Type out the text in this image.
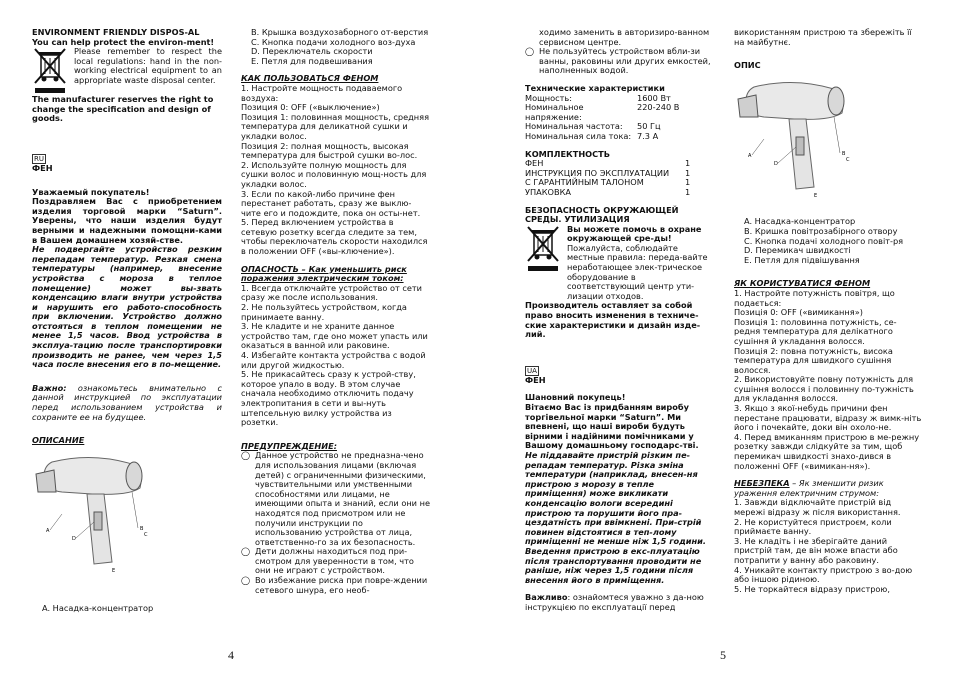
ENVIRONMENT FRIENDLY DISPOS-AL

You can help protect the environ-ment!

Please remember to respect the local regulations: hand in the non-working electrical equipment to an appropriate waste disposal center.

The manufacturer reserves the right to change the specification and design of goods.

RU

ФЕН

Уважаемый покупатель!

Поздравляем Вас с приобретением изделия торговой марки “Saturn”. Уверены, что наши изделия будут верными и надежными помощни-ками в Вашем домашнем хозяй-стве.

Не подвергайте устройство резким перепадам температур. Резкая смена температуры (например, внесение устройства с мороза в теплое помещение) может вы-звать конденсацию влаги внутри устройства и нарушить его работо-способность при включении. Устройство должно отстояться в теплом помещении не менее 1,5 часов. Ввод устройства в эксплуа-тацию после транспортировки производить не ранее, чем через 1,5 часа после внесения его в по-мещение.

Важно: ознакомьтесь внимательно с данной инструкцией по эксплуатации перед использованием устройства и сохраните ее на будущее.

ОПИСАНИЕ

A	B
C
D
E

A. Насадка-концентратор

B. Крышка воздухозаборного от-верстия

C. Кнопка подачи холодного воз-духа

D. Переключатель скорости

E. Петля для подвешивания

КАК ПОЛЬЗОВАТЬСЯ ФЕНОМ

1. Настройте мощность подаваемого воздуха:

Позиция 0: OFF («выключение»)

Позиция 1: половинная мощность, средняя температура для деликатной сушки и укладки волос.

Позиция 2: полная мощность, высокая температура для быстрой сушки во-лос.

2. Используйте полную мощность для сушки волос и половинную мощ-ность для укладки волос.

3. Если по какой-либо причине фен перестанет работать, сразу же выклю-чите его и подождите, пока он осты-нет.

5. Перед включением устройства в сетевую розетку всегда следите за тем, чтобы переключатель скорости находился в положении OFF («вы-ключение»).

ОПАСНОСТЬ – Как уменьшить риск поражения электрическим током:

1. Всегда отключайте устройство от сети сразу же после использования.

2. Не пользуйтесь устройством, когда принимаете ванну.

3. Не кладите и не храните данное устройство там, где оно может упасть или оказаться в ванной или раковине.

4. Избегайте контакта устройства с водой или другой жидкостью.

5. Не прикасайтесь сразу к устрой-ству, которое упало в воду. В этом случае сначала необходимо отключить подачу электропитания в сети и вы-нуть штепсельную вилку устройства из розетки.

ПРЕДУПРЕЖДЕНИЕ:

◯ Данное устройство не предназна-чено для использования лицами (включая детей) с ограниченными физическими, чувствительными или умственными способностями или лицами, не имеющими опыта и знаний, если они не находятся под присмотром или не получили инструкции по использованию устройства от лица, ответственно-го за их безопасность.

◯ Дети должны находиться под при-смотром для уверенности в том, что они не играют с устройством.

◯ Во избежание риска при повре-ждении сетевого шнура, его необ-

4

ходимо заменить в авторизиро-ванном сервисном центре.

◯ Не пользуйтесь устройством вбли-зи ванны, раковины или других емкостей, наполненных водой.

Технические характеристики

Мощность:	1600 Вт
Номинальное напряжение:	220-240 В
Номинальная частота:	50 Гц
Номинальная сила тока:	7.3 А

КОМПЛЕКТНОСТЬ

ФЕН	1
ИНСТРУКЦИЯ ПО ЭКСПЛУАТАЦИИ	1
С ГАРАНТИЙНЫМ ТАЛОНОМ	1
УПАКОВКА	1

БЕЗОПАСНОСТЬ ОКРУЖАЮЩЕЙ СРЕДЫ. УТИЛИЗАЦИЯ

Вы можете помочь в охране окружающей сре-ды!

Пожалуйста, соблюдайте местные правила: переда-вайте неработающее элек-трическое оборудование в соответствующий центр ути-лизации отходов.

Производитель оставляет за собой право вносить изменения в техниче-ские характеристики и дизайн изде-лий.

UA

ФЕН

Шановний покупець!

Вітаємо Вас із придбанням виробу торгівельної марки “Saturn”. Ми впевнені, що наші вироби будуть вірними і надійними помічниками у Вашому домашньому господарс-тві.

Не піддавайте пристрій різким пе-репадам температур. Різка зміна температури (наприклад, внесен-ня пристрою з морозу в тепле приміщення) може викликати конденсацію вологи всередині пристрою та порушити його пра-цездатність при ввімкнені. При-стрій повинен відстоятися в теп-лому приміщенні не менше ніж 1,5 години. Введення пристрою в екс-плуатацію після транспортування проводити не раніше, ніж через 1,5 години після внесення його в приміщення.

Важливо: ознайомтеся уважно з да-ною інструкцією по експлуатації перед

5

використанням пристрою та збережіть її на майбутнє.

ОПИС

A	B
C
D
E

A. Насадка-концентратор

B. Кришка повітрозабірного отвору

C. Кнопка подачі холодного повіт-ря

D. Перемикач швидкості

E. Петля для підвішування

ЯК КОРИСТУВАТИСЯ ФЕНОМ

1. Настройте потужність повітря, що подається:

Позиція 0: OFF («вимикання»)

Позиція 1: половинна потужність, се-редня температура для делікатного сушіння й укладання волосся.

Позиція 2: повна потужність, висока температура для швидкого сушіння волосся.

2. Використовуйте повну потужність для сушіння волосся і половинну по-тужність для укладання волосся.

3. Якщо з якої-небудь причини фен перестане працювати, відразу ж вимк-ніть його і почекайте, доки він охоло-не.

4. Перед вмиканням пристрою в ме-режну розетку завжди слідкуйте за тим, щоб перемикач швидкості знахо-дився в положенні OFF («вимикан-ня»).

НЕБЕЗПЕКА – Як зменшити ризик ураження електричним струмом:

1. Завжди відключайте пристрій від мережі відразу ж після використання.

2. Не користуйтеся пристроєм, коли приймаєте ванну.

3. Не кладіть і не зберігайте даний пристрій там, де він може впасти або потрапити у ванну або раковину.

4. Уникайте контакту пристрою з во-дою або іншою рідиною.

5. Не торкайтеся відразу пристрою,
